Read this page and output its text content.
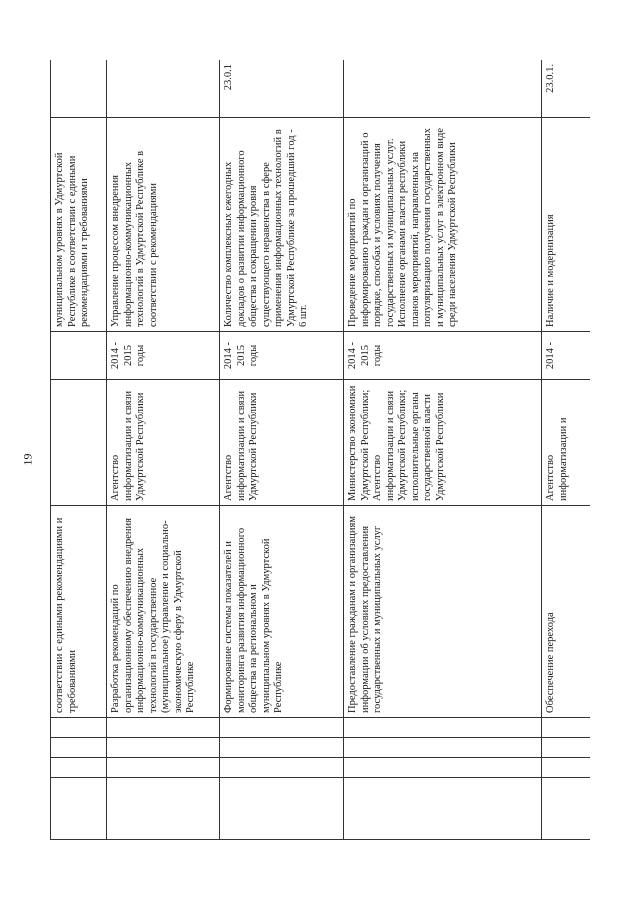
19
				соответствии с едиными рекомендациями и требованиями			муниципальном уровнях в Удмуртской Республике в соответствии с едиными рекомендациями и требованиями	
				Разработка рекомендаций по организационному обеспечению внедрения информационно-коммуникационных технологий в государственное (муниципальное) управление и социально-экономическую сферу в Удмуртской Республике	Агентство информатизации и связи Удмуртской Республики	2014 - 2015 годы	Управление процессом внедрения информационно-коммуникационных технологий в Удмуртской Республике в соответствии с рекомендациями	
				Формирование системы показателей и мониторинга развития информационного общества на региональном и муниципальном уровнях в Удмуртской Республике	Агентство информатизации и связи Удмуртской Республики	2014 - 2015 годы	Количество комплексных ежегодных докладов о развитии информационного общества и сокращении уровня существующего неравенства в сфере применения информационных технологий в Удмуртской Республике за прошедший год - 6 шт.	23.0.1
				Предоставление гражданам и организациям информации об условиях предоставления государственных и муниципальных услуг	Министерство экономики Удмуртской Республики; Агентство информатизации и связи Удмуртской Республики; исполнительные органы государственной власти Удмуртской Республики	2014 - 2015 годы	Проведение мероприятий по информированию граждан и организаций о порядке, способах и условиях получения государственных и муниципальных услуг. Исполнение органами власти республики планов мероприятий, направленных на популяризацию получения государственных и муниципальных услуг в электронном виде среди населения Удмуртской Республики	
				Обеспечение перехода	Агентство информатизации и	2014 -	Наличие и модернизация	23.0.1.
